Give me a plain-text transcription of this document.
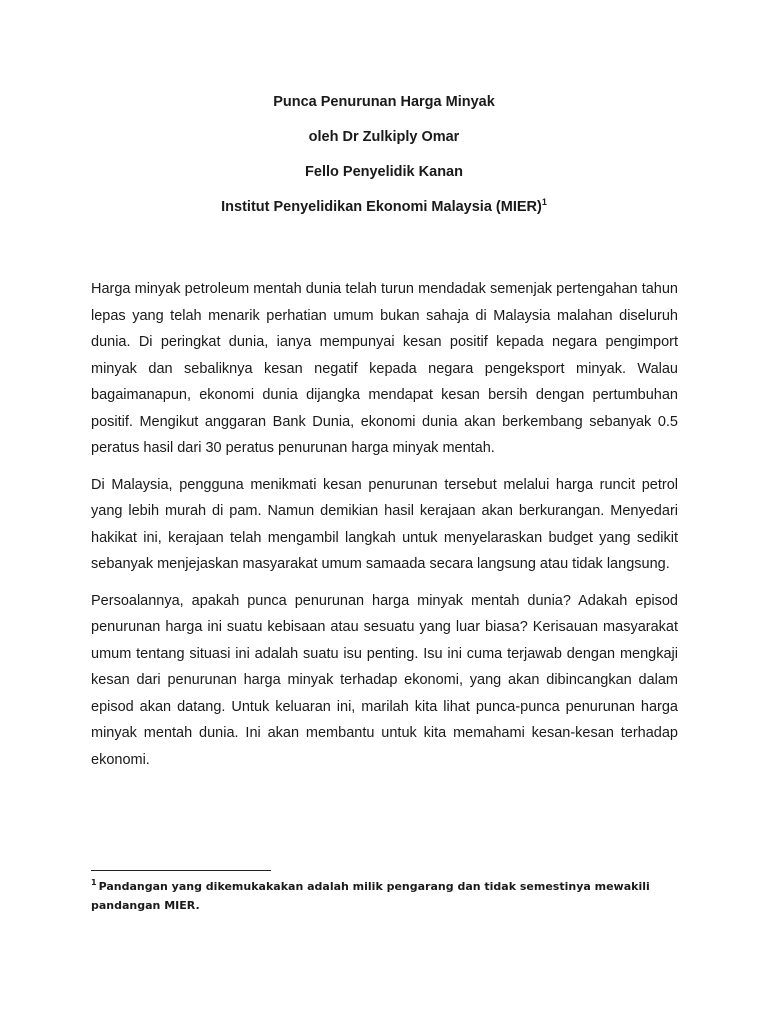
Punca Penurunan Harga Minyak
oleh Dr Zulkiply Omar
Fello Penyelidik Kanan
Institut Penyelidikan Ekonomi Malaysia (MIER)$^1$

Harga minyak petroleum mentah dunia telah turun mendadak semenjak pertengahan tahun lepas yang telah menarik perhatian umum bukan sahaja di Malaysia malahan diseluruh dunia. Di peringkat dunia, ianya mempunyai kesan positif kepada negara pengimport minyak dan sebaliknya kesan negatif kepada negara pengeksport minyak. Walau bagaimanapun, ekonomi dunia dijangka mendapat kesan bersih dengan pertumbuhan positif. Mengikut anggaran Bank Dunia, ekonomi dunia akan berkembang sebanyak 0.5 peratus hasil dari 30 peratus penurunan harga minyak mentah.

Di Malaysia, pengguna menikmati kesan penurunan tersebut melalui harga runcit petrol yang lebih murah di pam. Namun demikian hasil kerajaan akan berkurangan. Menyedari hakikat ini, kerajaan telah mengambil langkah untuk menyelaraskan budget yang sedikit sebanyak menjejaskan masyarakat umum samaada secara langsung atau tidak langsung.

Persoalannya, apakah punca penurunan harga minyak mentah dunia? Adakah episod penurunan harga ini suatu kebisaan atau sesuatu yang luar biasa? Kerisauan masyarakat umum tentang situasi ini adalah suatu isu penting. Isu ini cuma terjawab dengan mengkaji kesan dari penurunan harga minyak terhadap ekonomi, yang akan dibincangkan dalam episod akan datang. Untuk keluaran ini, marilah kita lihat punca-punca penurunan harga minyak mentah dunia. Ini akan membantu untuk kita memahami kesan-kesan terhadap ekonomi.

$^1$ Pandangan yang dikemukakakan adalah milik pengarang dan tidak semestinya mewakili pandangan MIER.
